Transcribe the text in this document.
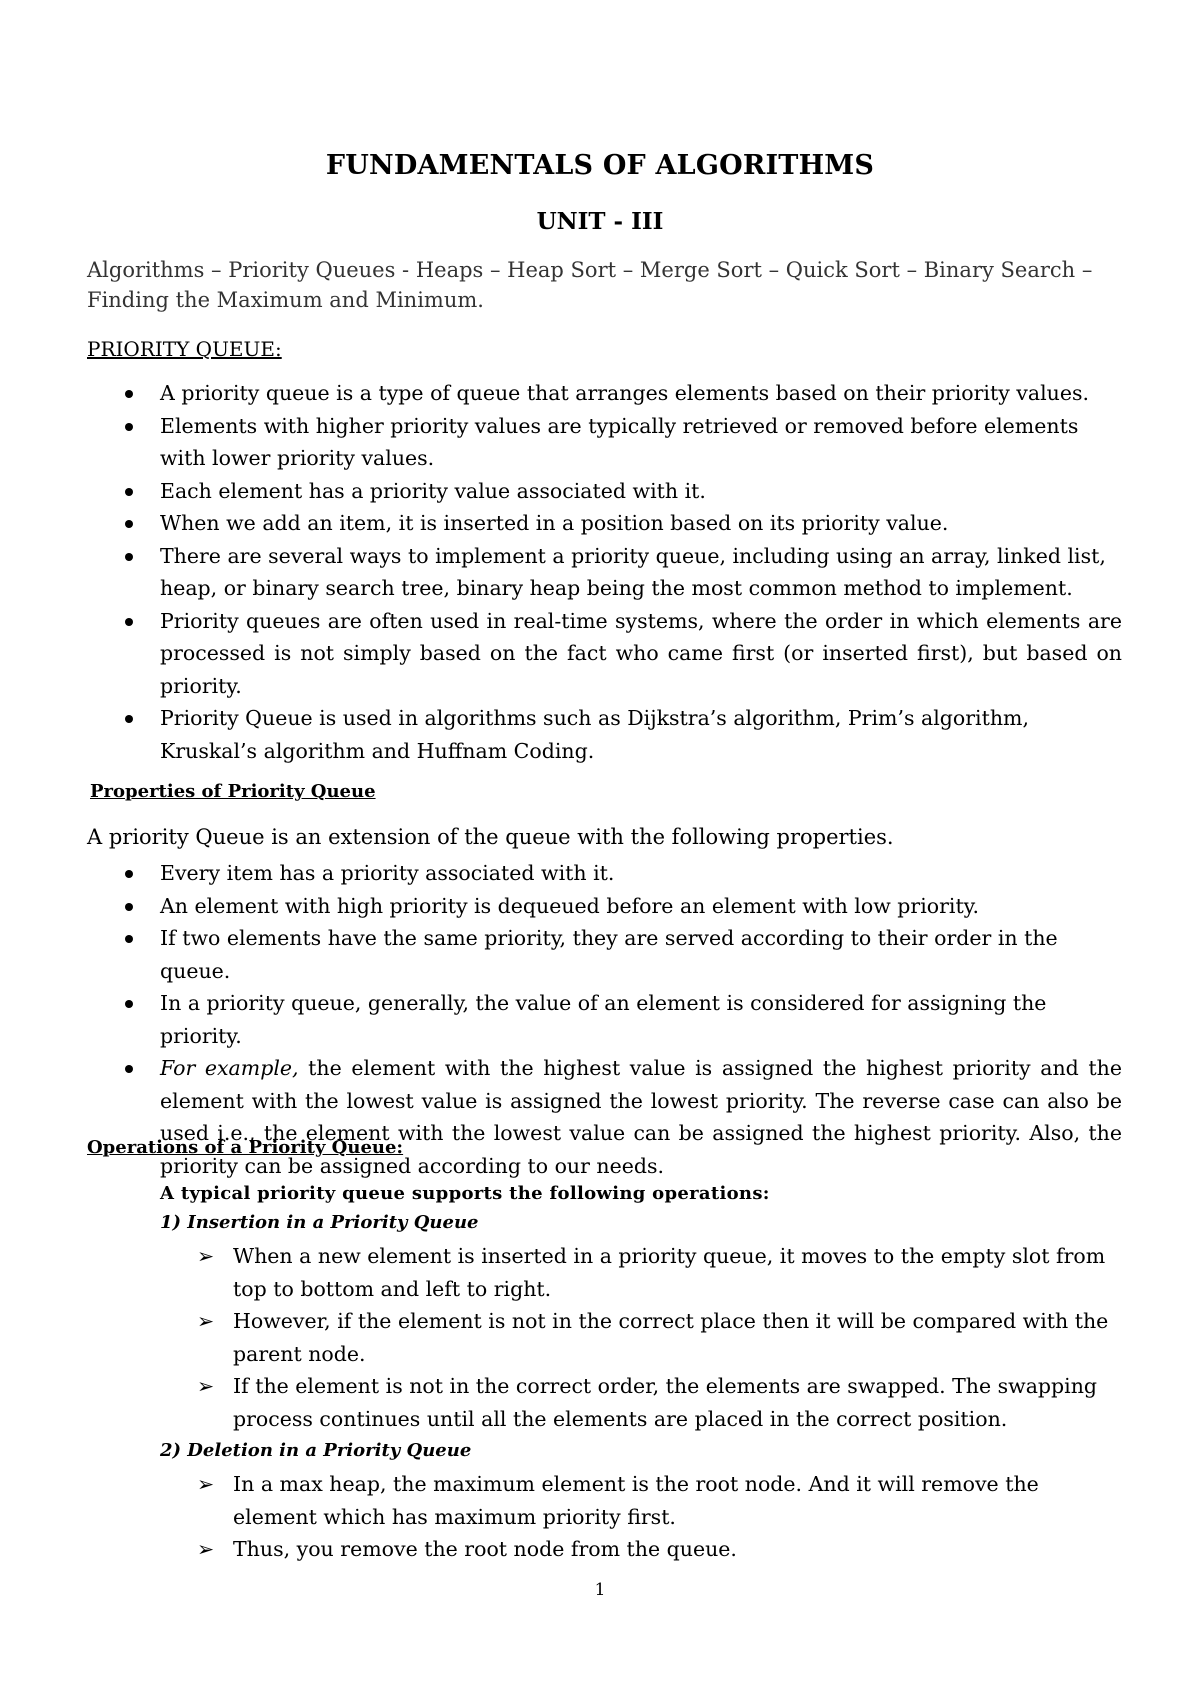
FUNDAMENTALS OF ALGORITHMS
UNIT - III
Algorithms – Priority Queues - Heaps – Heap Sort – Merge Sort – Quick Sort – Binary Search – Finding the Maximum and Minimum.
PRIORITY QUEUE:
A priority queue is a type of queue that arranges elements based on their priority values.
Elements with higher priority values are typically retrieved or removed before elements with lower priority values.
Each element has a priority value associated with it.
When we add an item, it is inserted in a position based on its priority value.
There are several ways to implement a priority queue, including using an array, linked list, heap, or binary search tree, binary heap being the most common method to implement.
Priority queues are often used in real-time systems, where the order in which elements are processed is not simply based on the fact who came first (or inserted first), but based on priority.
Priority Queue is used in algorithms such as Dijkstra’s algorithm, Prim’s algorithm, Kruskal’s algorithm and Huffnam Coding.
Properties of Priority Queue
A priority Queue is an extension of the queue with the following properties.
Every item has a priority associated with it.
An element with high priority is dequeued before an element with low priority.
If two elements have the same priority, they are served according to their order in the queue.
In a priority queue, generally, the value of an element is considered for assigning the priority.
For example, the element with the highest value is assigned the highest priority and the element with the lowest value is assigned the lowest priority. The reverse case can also be used i.e., the element with the lowest value can be assigned the highest priority. Also, the priority can be assigned according to our needs.
Operations of a Priority Queue:
A typical priority queue supports the following operations:
1) Insertion in a Priority Queue
➢ When a new element is inserted in a priority queue, it moves to the empty slot from top to bottom and left to right.
➢ However, if the element is not in the correct place then it will be compared with the parent node.
➢ If the element is not in the correct order, the elements are swapped. The swapping process continues until all the elements are placed in the correct position.
2) Deletion in a Priority Queue
➢ In a max heap, the maximum element is the root node. And it will remove the element which has maximum priority first.
➢ Thus, you remove the root node from the queue.
1
